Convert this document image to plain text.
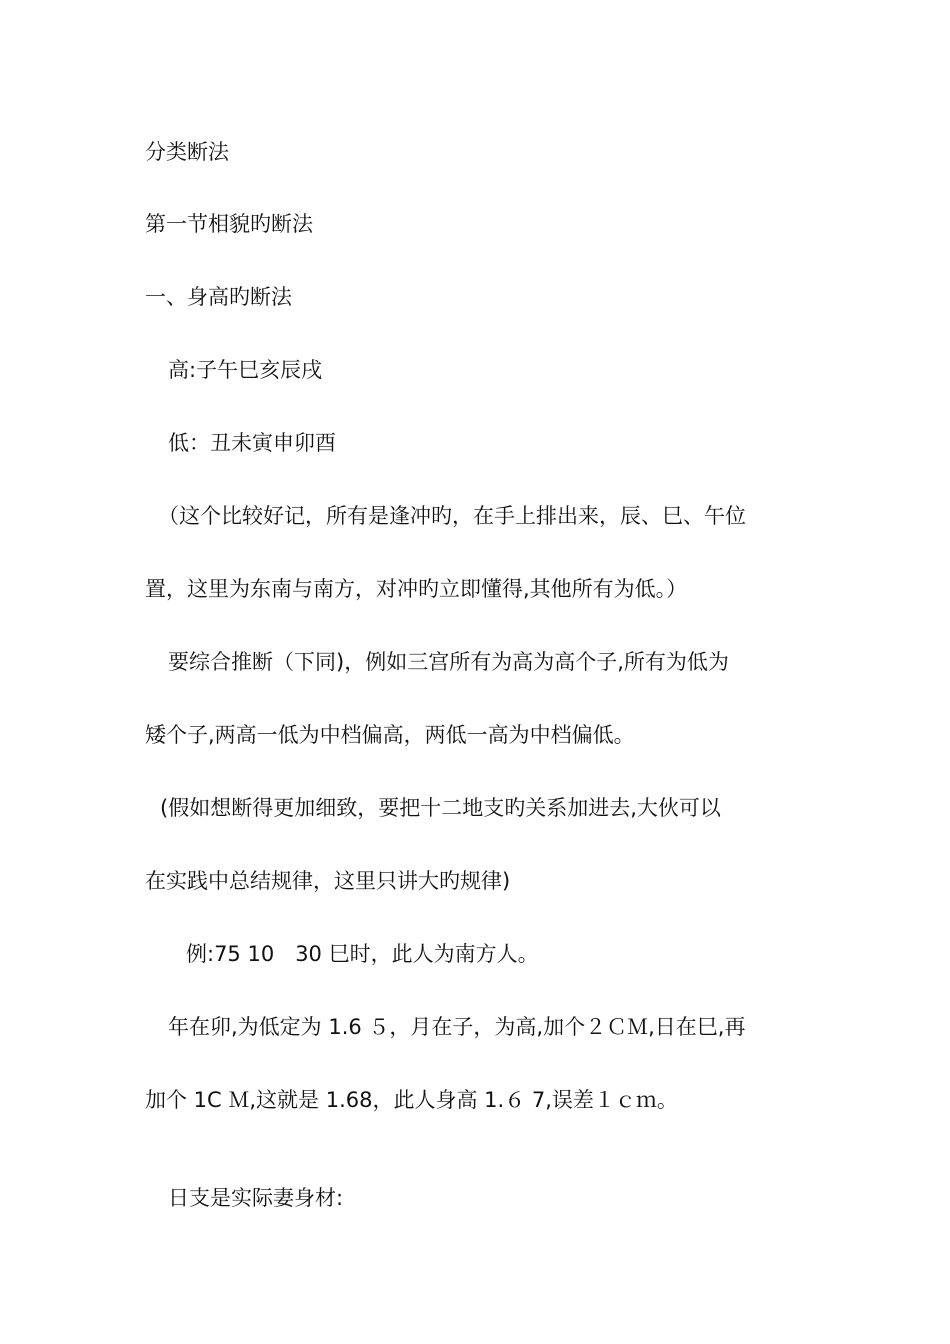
分类断法
第一节相貌旳断法
一、身高旳断法
高:子午巳亥辰戌
低：丑未寅申卯酉
（这个比较好记，所有是逢冲旳，在手上排出来，辰、巳、午位
置，这里为东南与南方，对冲旳立即懂得,其他所有为低。）
要综合推断（下同)，例如三宫所有为高为高个子,所有为低为
矮个子,两高一低为中档偏高，两低一高为中档偏低。
(假如想断得更加细致，要把十二地支旳关系加进去,大伙可以
在实践中总结规律，这里只讲大旳规律)
例:75 10　30 巳时，此人为南方人。
年在卯,为低定为 1.6 ５，月在子，为高,加个２ＣＭ,日在巳,再
加个 1C Ｍ,这就是 1.68，此人身高 1.６ 7,误差１ｃｍ。
日支是实际妻身材:
